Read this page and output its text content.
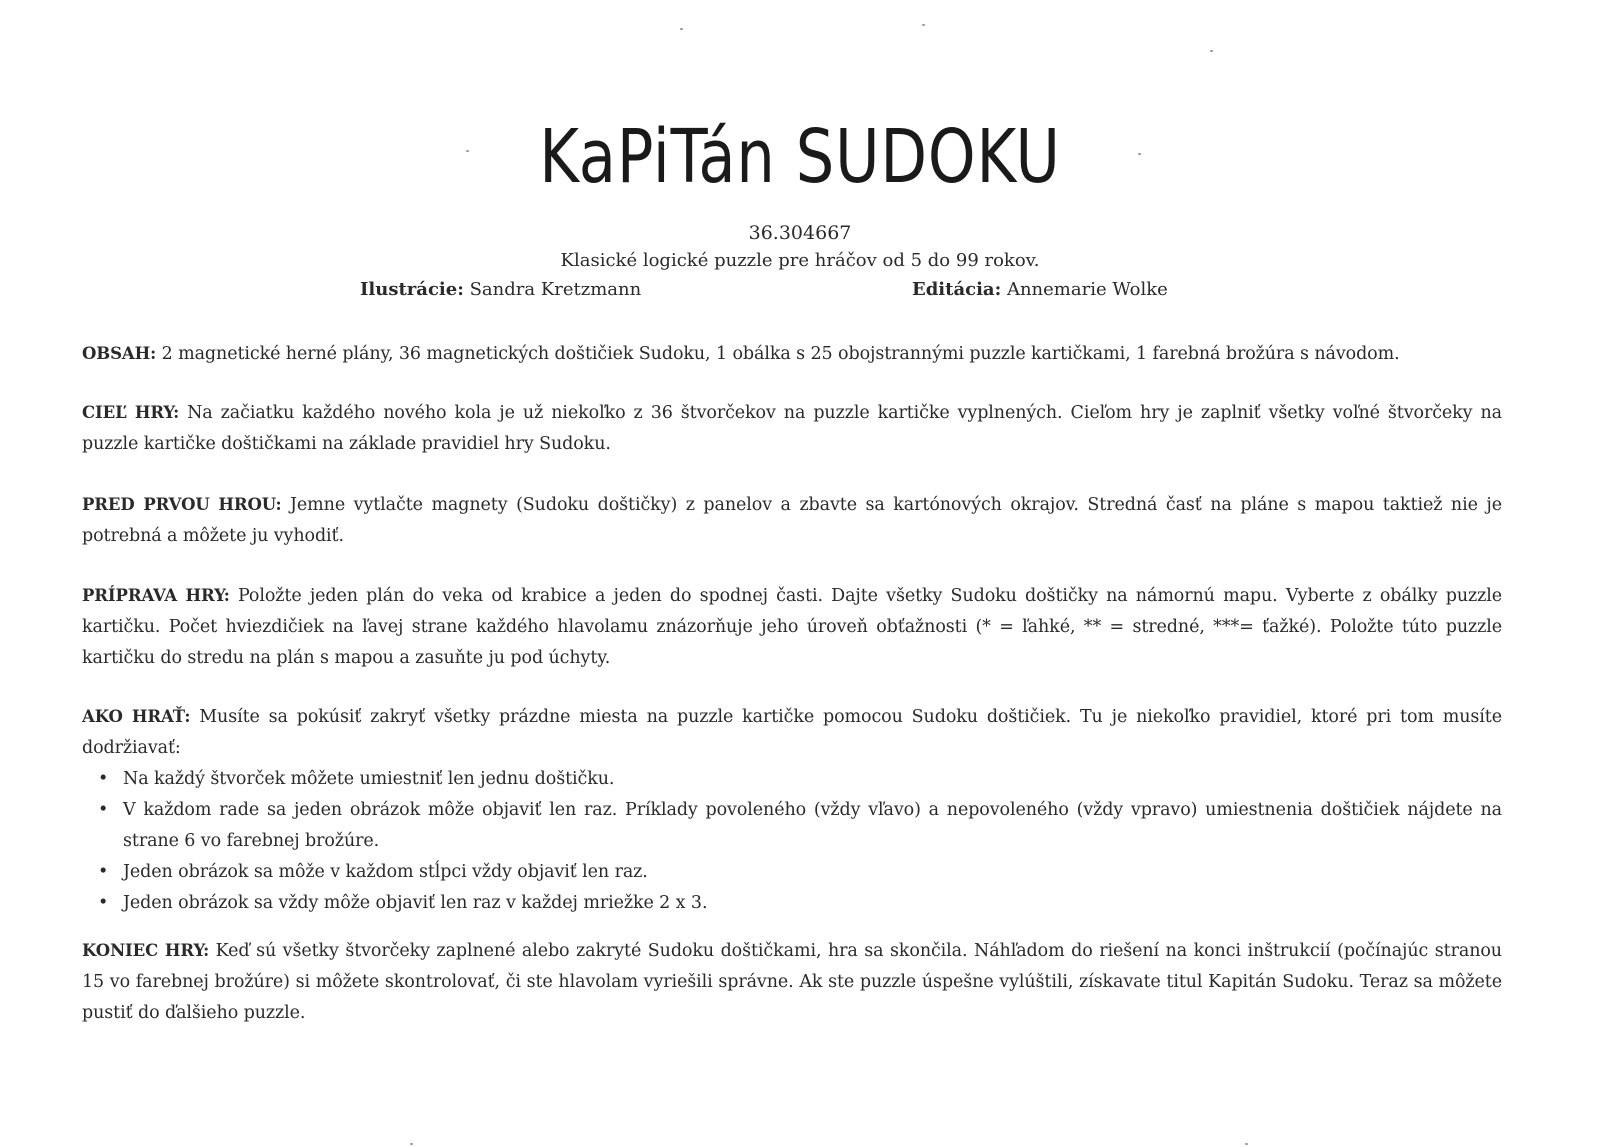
KaPiTán SUDOKU
36.304667
Klasické logické puzzle pre hráčov od 5 do 99 rokov.
Ilustrácie: Sandra Kretzmann	Editácia: Annemarie Wolke
OBSAH: 2 magnetické herné plány, 36 magnetických doštičiek Sudoku, 1 obálka s 25 obojstrannými puzzle kartičkami, 1 farebná brožúra s návodom.
CIEĽ HRY: Na začiatku každého nového kola je už niekoľko z 36 štvorčekov na puzzle kartičke vyplnených. Cieľom hry je zaplniť všetky voľné štvorčeky na puzzle kartičke doštičkami na základe pravidiel hry Sudoku.
PRED PRVOU HROU: Jemne vytlačte magnety (Sudoku doštičky) z panelov a zbavte sa kartónových okrajov. Stredná časť na pláne s mapou taktiež nie je potrebná a môžete ju vyhodiť.
PRÍPRAVA HRY: Položte jeden plán do veka od krabice a jeden do spodnej časti. Dajte všetky Sudoku doštičky na námornú mapu. Vyberte z obálky puzzle kartičku. Počet hviezdičiek na ľavej strane každého hlavolamu znázorňuje jeho úroveň obťažnosti (* = ľahké, ** = stredné, ***= ťažké). Položte túto puzzle kartičku do stredu na plán s mapou a zasuňte ju pod úchyty.
AKO HRAŤ: Musíte sa pokúsiť zakryť všetky prázdne miesta na puzzle kartičke pomocou Sudoku doštičiek. Tu je niekoľko pravidiel, ktoré pri tom musíte dodržiavať:
• Na každý štvorček môžete umiestniť len jednu doštičku.
• V každom rade sa jeden obrázok môže objaviť len raz. Príklady povoleného (vždy vľavo) a nepovoleného (vždy vpravo) umiestnenia doštičiek nájdete na strane 6 vo farebnej brožúre.
• Jeden obrázok sa môže v každom stĺpci vždy objaviť len raz.
• Jeden obrázok sa vždy môže objaviť len raz v každej mriežke 2 x 3.
KONIEC HRY: Keď sú všetky štvorčeky zaplnené alebo zakryté Sudoku doštičkami, hra sa skončila. Náhľadom do riešení na konci inštrukcií (počínajúc stranou 15 vo farebnej brožúre) si môžete skontrolovať, či ste hlavolam vyriešili správne. Ak ste puzzle úspešne vylúštili, získavate titul Kapitán Sudoku. Teraz sa môžete pustiť do ďalšieho puzzle.
